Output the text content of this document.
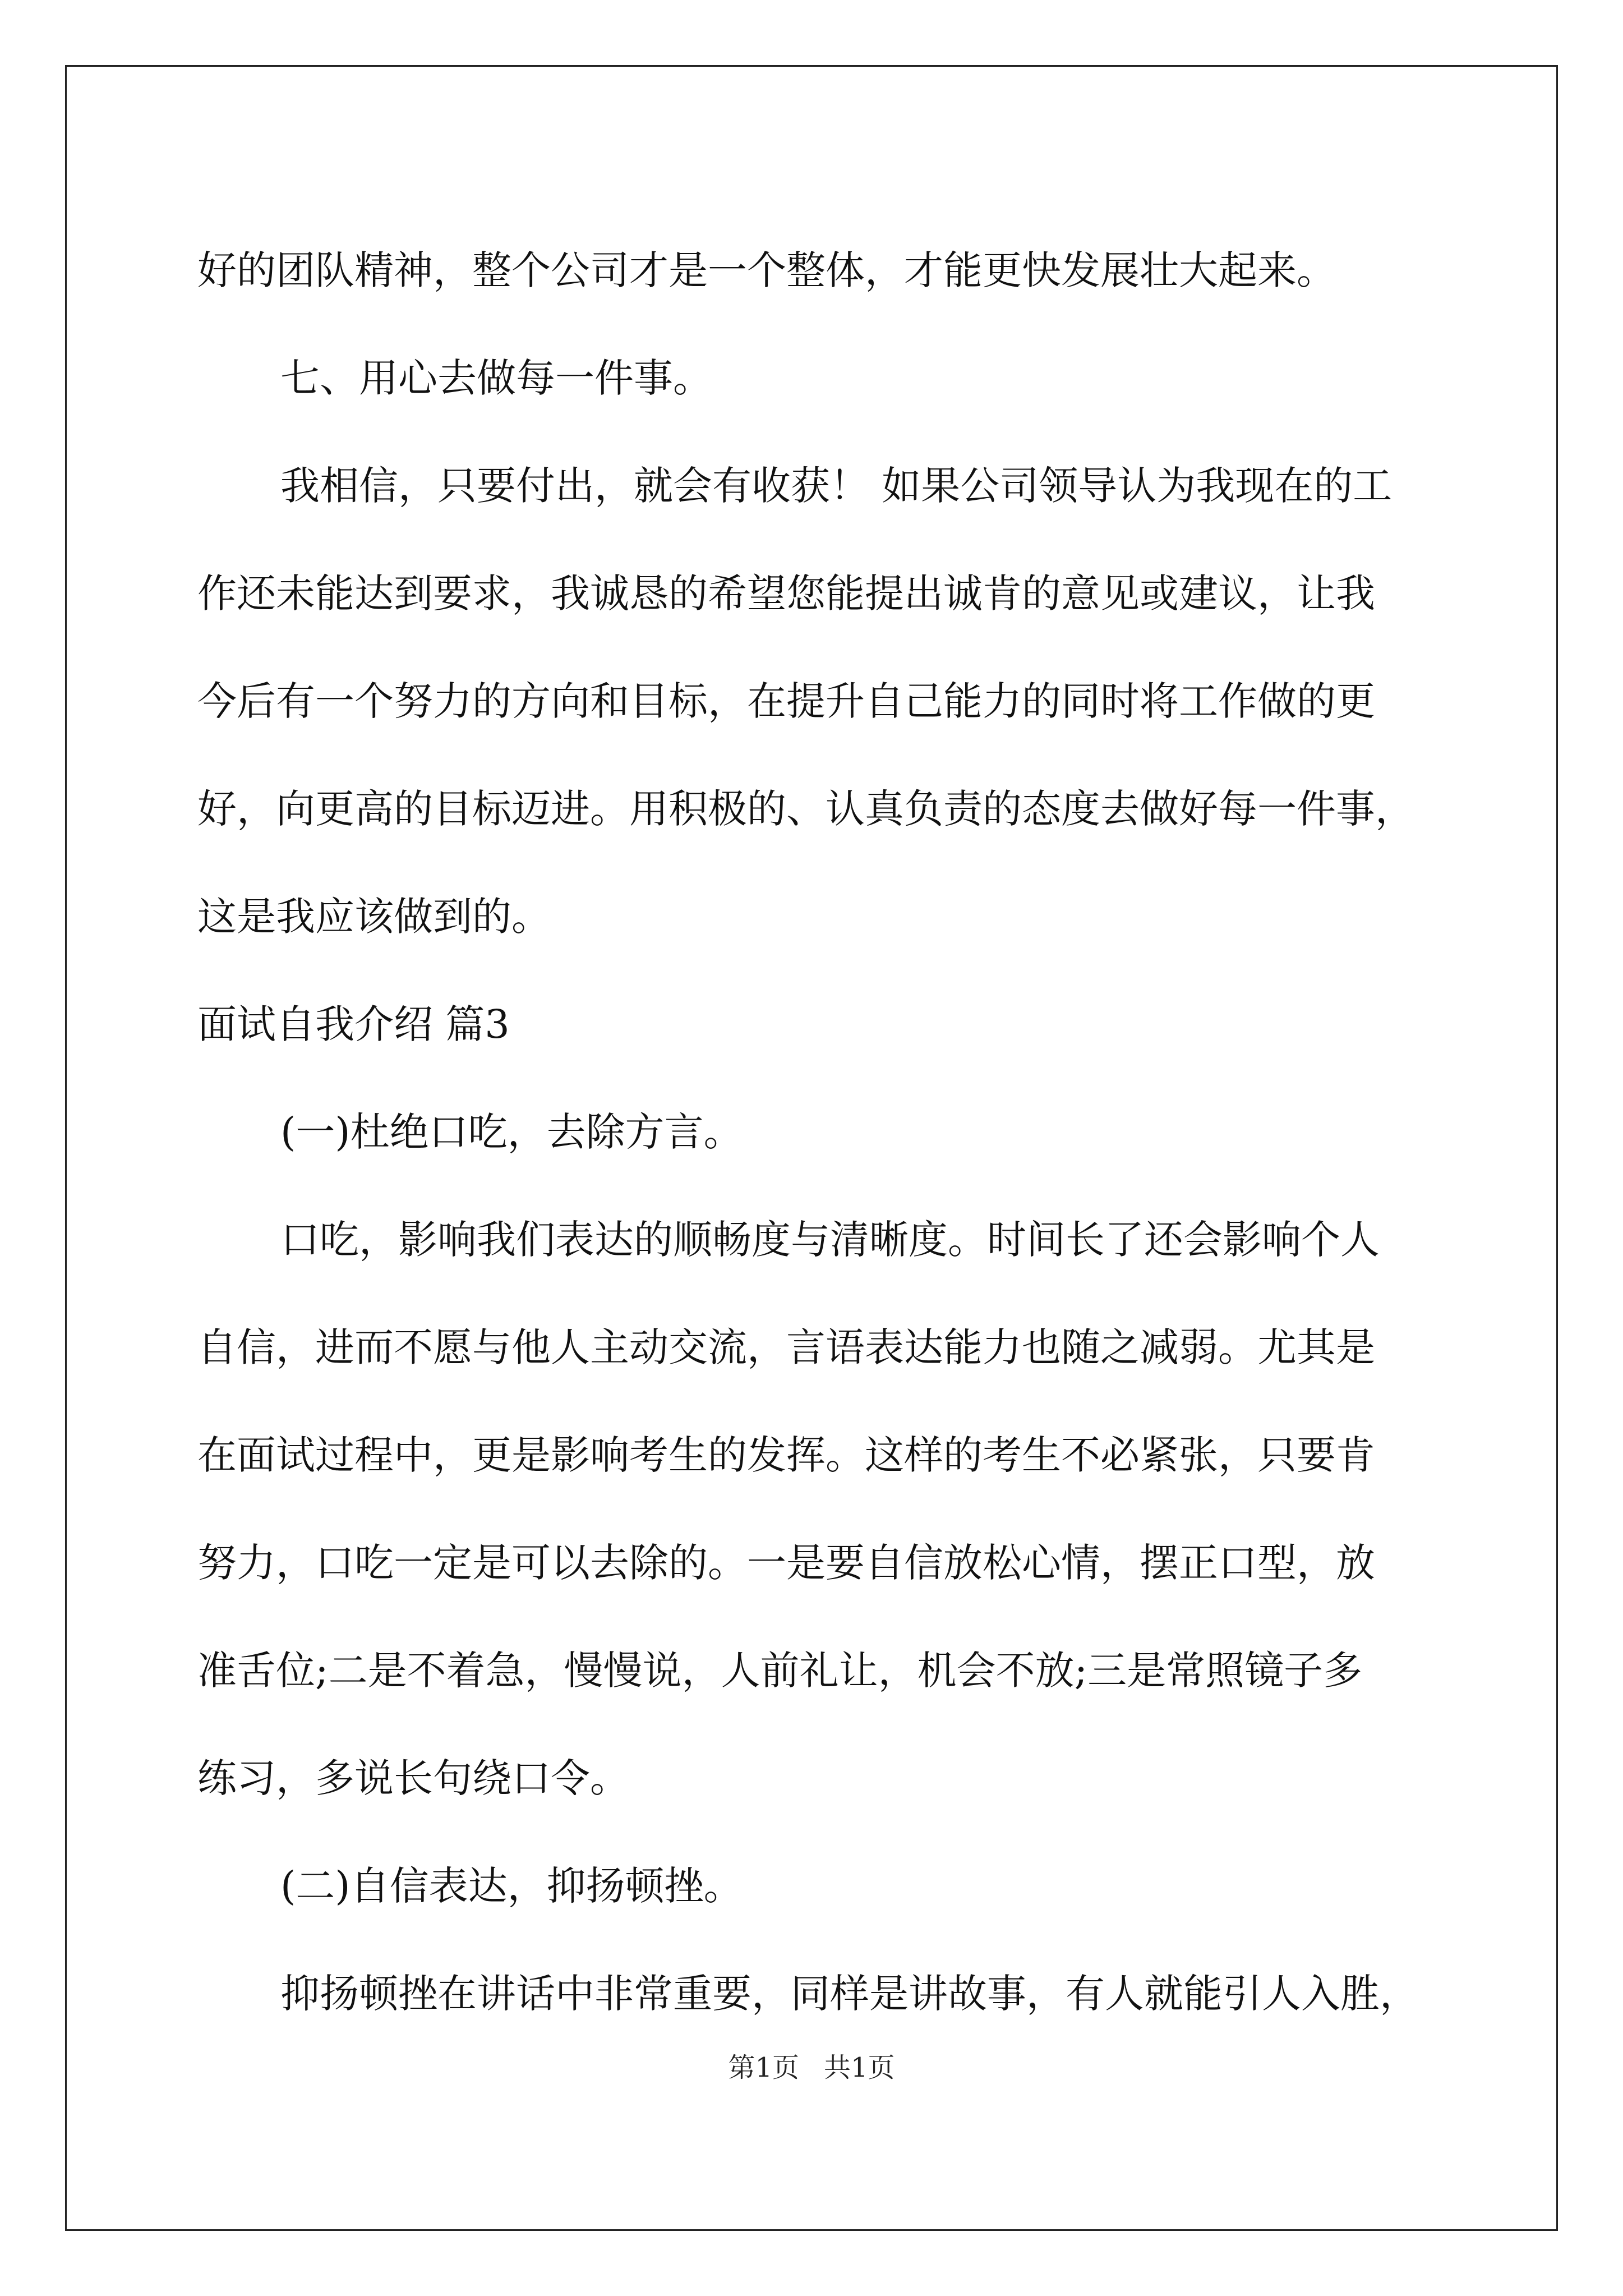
好的团队精神，整个公司才是一个整体，才能更快发展壮大起来。
七、用心去做每一件事。
我相信，只要付出，就会有收获！ 如果公司领导认为我现在的工
作还未能达到要求，我诚恳的希望您能提出诚肯的意见或建议，让我
今后有一个努力的方向和目标，在提升自己能力的同时将工作做的更
好，向更高的目标迈进。用积极的、认真负责的态度去做好每一件事，
这是我应该做到的。
面试自我介绍 篇3
(一)杜绝口吃，去除方言。
口吃，影响我们表达的顺畅度与清晰度。时间长了还会影响个人
自信，进而不愿与他人主动交流，言语表达能力也随之减弱。尤其是
在面试过程中，更是影响考生的发挥。这样的考生不必紧张，只要肯
努力，口吃一定是可以去除的。一是要自信放松心情，摆正口型，放
准舌位;二是不着急，慢慢说，人前礼让，机会不放;三是常照镜子多
练习，多说长句绕口令。
(二)自信表达，抑扬顿挫。
抑扬顿挫在讲话中非常重要，同样是讲故事，有人就能引人入胜，
第1页 共1页
